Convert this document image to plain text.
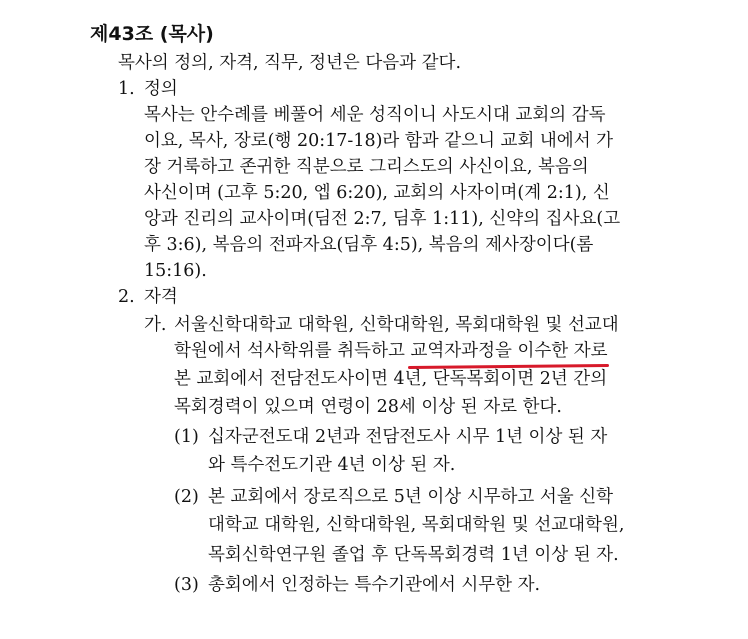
제43조 (목사)
목사의 정의, 자격, 직무, 정년은 다음과 같다.
1. 정의
목사는 안수례를 베풀어 세운 성직이니 사도시대 교회의 감독
이요, 목사, 장로(행 20:17-18)라 함과 같으니 교회 내에서 가
장 거룩하고 존귀한 직분으로 그리스도의 사신이요, 복음의
사신이며 (고후 5:20, 엡 6:20), 교회의 사자이며(계 2:1), 신
앙과 진리의 교사이며(딤전 2:7, 딤후 1:11), 신약의 집사요(고
후 3:6), 복음의 전파자요(딤후 4:5), 복음의 제사장이다(롬
15:16).
2. 자격
가. 서울신학대학교 대학원, 신학대학원, 목회대학원 및 선교대
학원에서 석사학위를 취득하고 교역자과정을 이수한 자로
본 교회에서 전담전도사이면 4년, 단독목회이면 2년 간의
목회경력이 있으며 연령이 28세 이상 된 자로 한다.
(1) 십자군전도대 2년과 전담전도사 시무 1년 이상 된 자
와 특수전도기관 4년 이상 된 자.
(2) 본 교회에서 장로직으로 5년 이상 시무하고 서울 신학
대학교 대학원, 신학대학원, 목회대학원 및 선교대학원,
목회신학연구원 졸업 후 단독목회경력 1년 이상 된 자.
(3) 총회에서 인정하는 특수기관에서 시무한 자.
